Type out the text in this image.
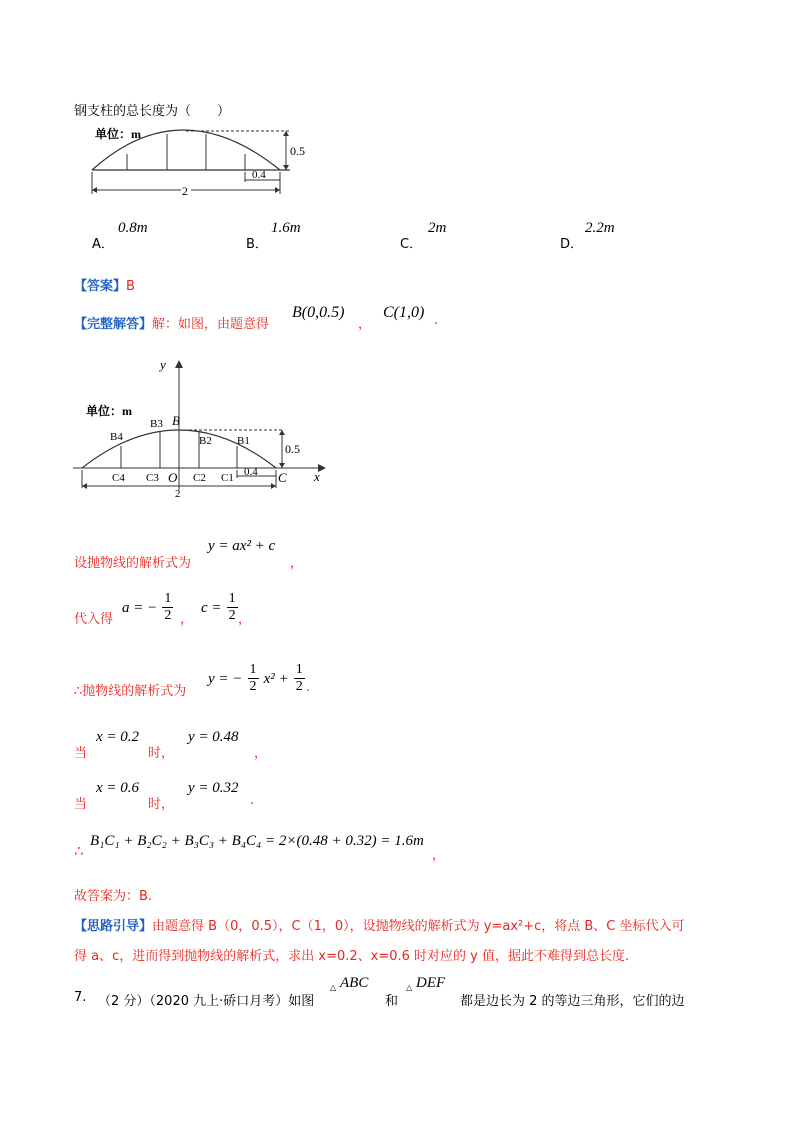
钢支柱的总长度为（　　）
单位：m
0.5
0.4
2
A．
0.8m
B．
1.6m
C．
2m
D．
2.2m
【答案】B
【完整解答】解：如图，由题意得
B(0,0.5)
，
C(1,0) .
y
x
单位：m
B
B3
B4	B2 B1
C4 C3 O C2 C1	C
0.5
0.4
2
设抛物线的解析式为
y = ax² + c
，
代入得
a = − $\frac{1}{2}$ ，
$c = \frac{1}{2}$ ，
∴抛物线的解析式为
y = − $\frac{1}{2} x^2 + \frac{1}{2}$ .
当
x = 0.2
时，
y = 0.48
，
当
x = 0.6
时，
y = 0.32
.
∴
B₁C₁ + B₂C₂ + B₃C₃ + B₄C₄ = 2×(0.48 + 0.32) = 1.6m
，
故答案为：B.
【思路引导】由题意得 B（0，0.5），C（1，0），设抛物线的解析式为 y=ax²+c，将点 B、C 坐标代入可
得 a、c，进而得到抛物线的解析式，求出 x=0.2、x=0.6 时对应的 y 值，据此不难得到总长度.
7. （2 分）（2020 九上·硚口月考）如图
△ ABC
和
△ DEF
都是边长为 2 的等边三角形，它们的边
